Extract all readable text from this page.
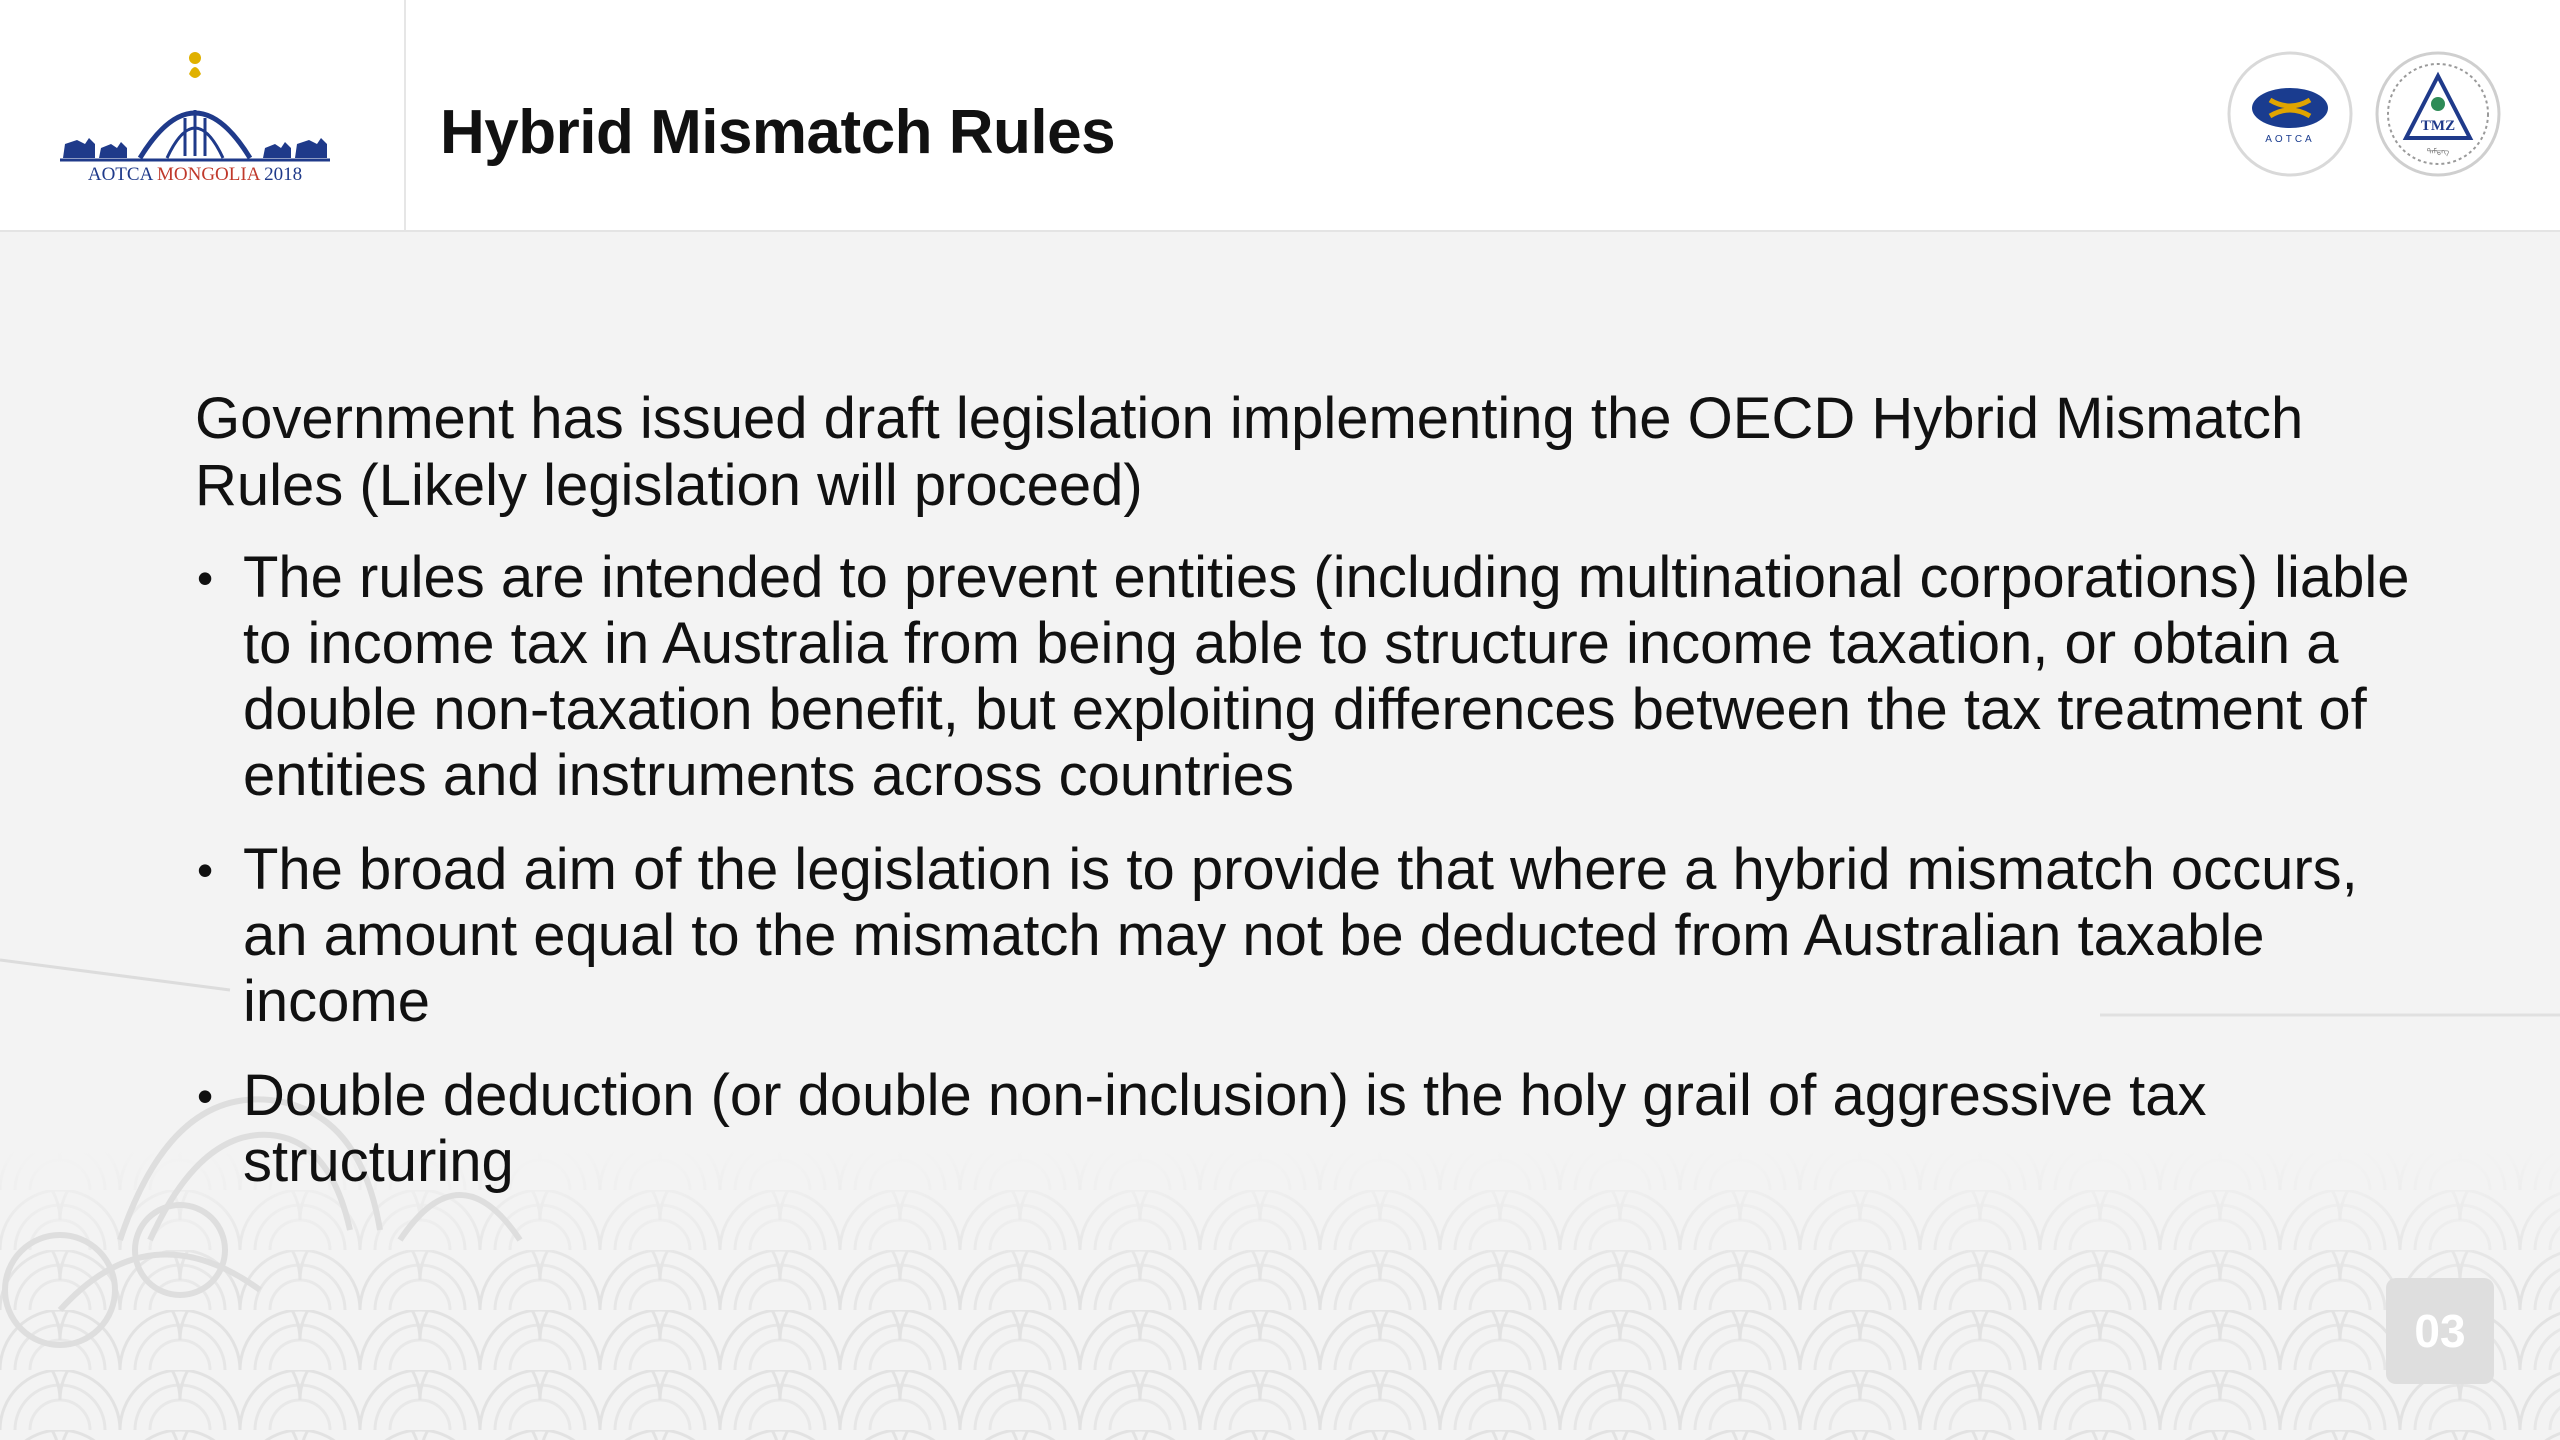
AOTCA MONGOLIA 2018
Hybrid Mismatch Rules	AOTCA
TMZ
ᠲᠡᠮᠳᠡᠭ

Government has issued draft legislation implementing the OECD Hybrid Mismatch Rules (Likely legislation will proceed)

• The rules are intended to prevent entities (including multinational corporations) liable to income tax in Australia from being able to structure income taxation, or obtain a double non-taxation benefit, but exploiting differences between the tax treatment of entities and instruments across countries
• The broad aim of the legislation is to provide that where a hybrid mismatch occurs, an amount equal to the mismatch may not be deducted from Australian taxable income
• Double deduction (or double non-inclusion) is the holy grail of aggressive tax structuring
03
